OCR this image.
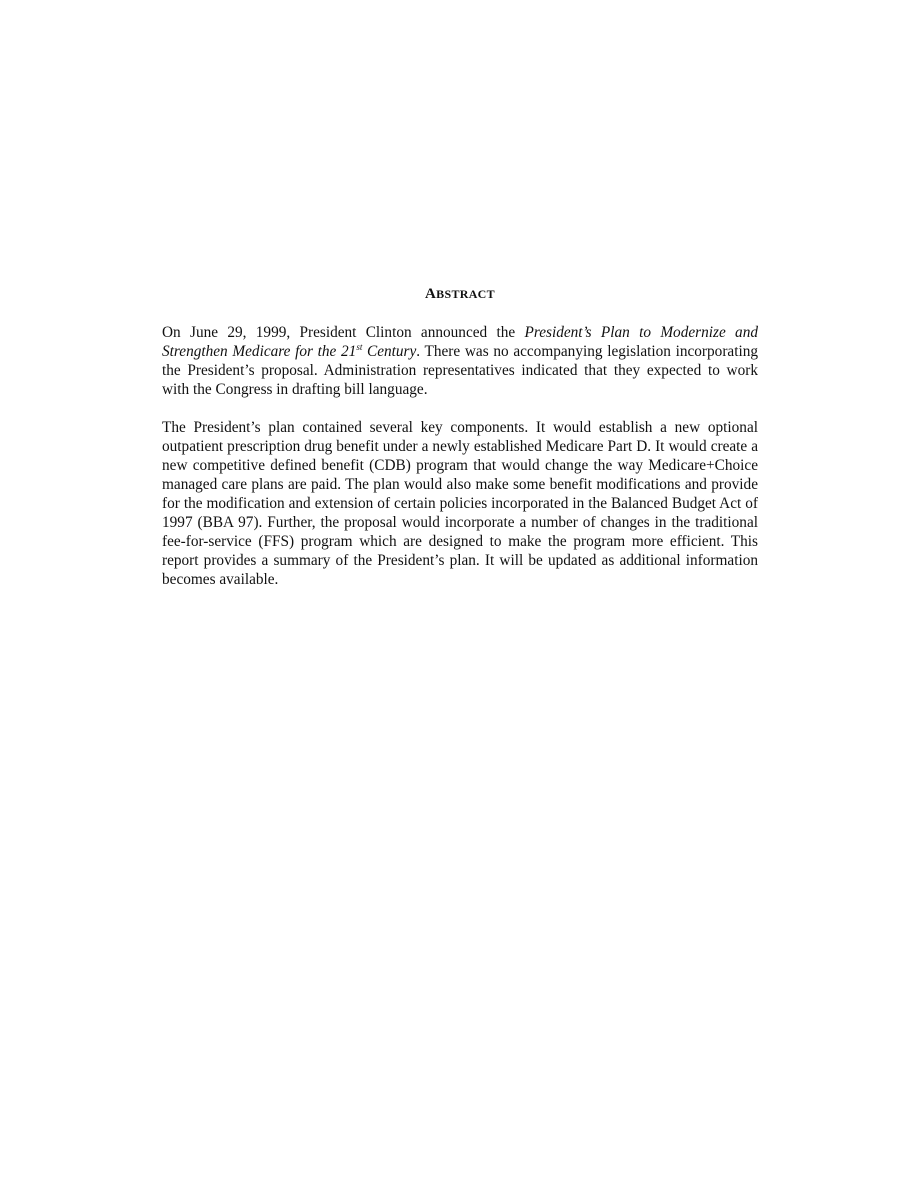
ABSTRACT

On June 29, 1999, President Clinton announced the President’s Plan to Modernize and Strengthen Medicare for the 21st Century. There was no accompanying legislation incorporating the President’s proposal. Administration representatives indicated that they expected to work with the Congress in drafting bill language.

The President’s plan contained several key components. It would establish a new optional outpatient prescription drug benefit under a newly established Medicare Part D. It would create a new competitive defined benefit (CDB) program that would change the way Medicare+Choice managed care plans are paid. The plan would also make some benefit modifications and provide for the modification and extension of certain policies incorporated in the Balanced Budget Act of 1997 (BBA 97). Further, the proposal would incorporate a number of changes in the traditional fee-for-service (FFS) program which are designed to make the program more efficient. This report provides a summary of the President’s plan. It will be updated as additional information becomes available.
